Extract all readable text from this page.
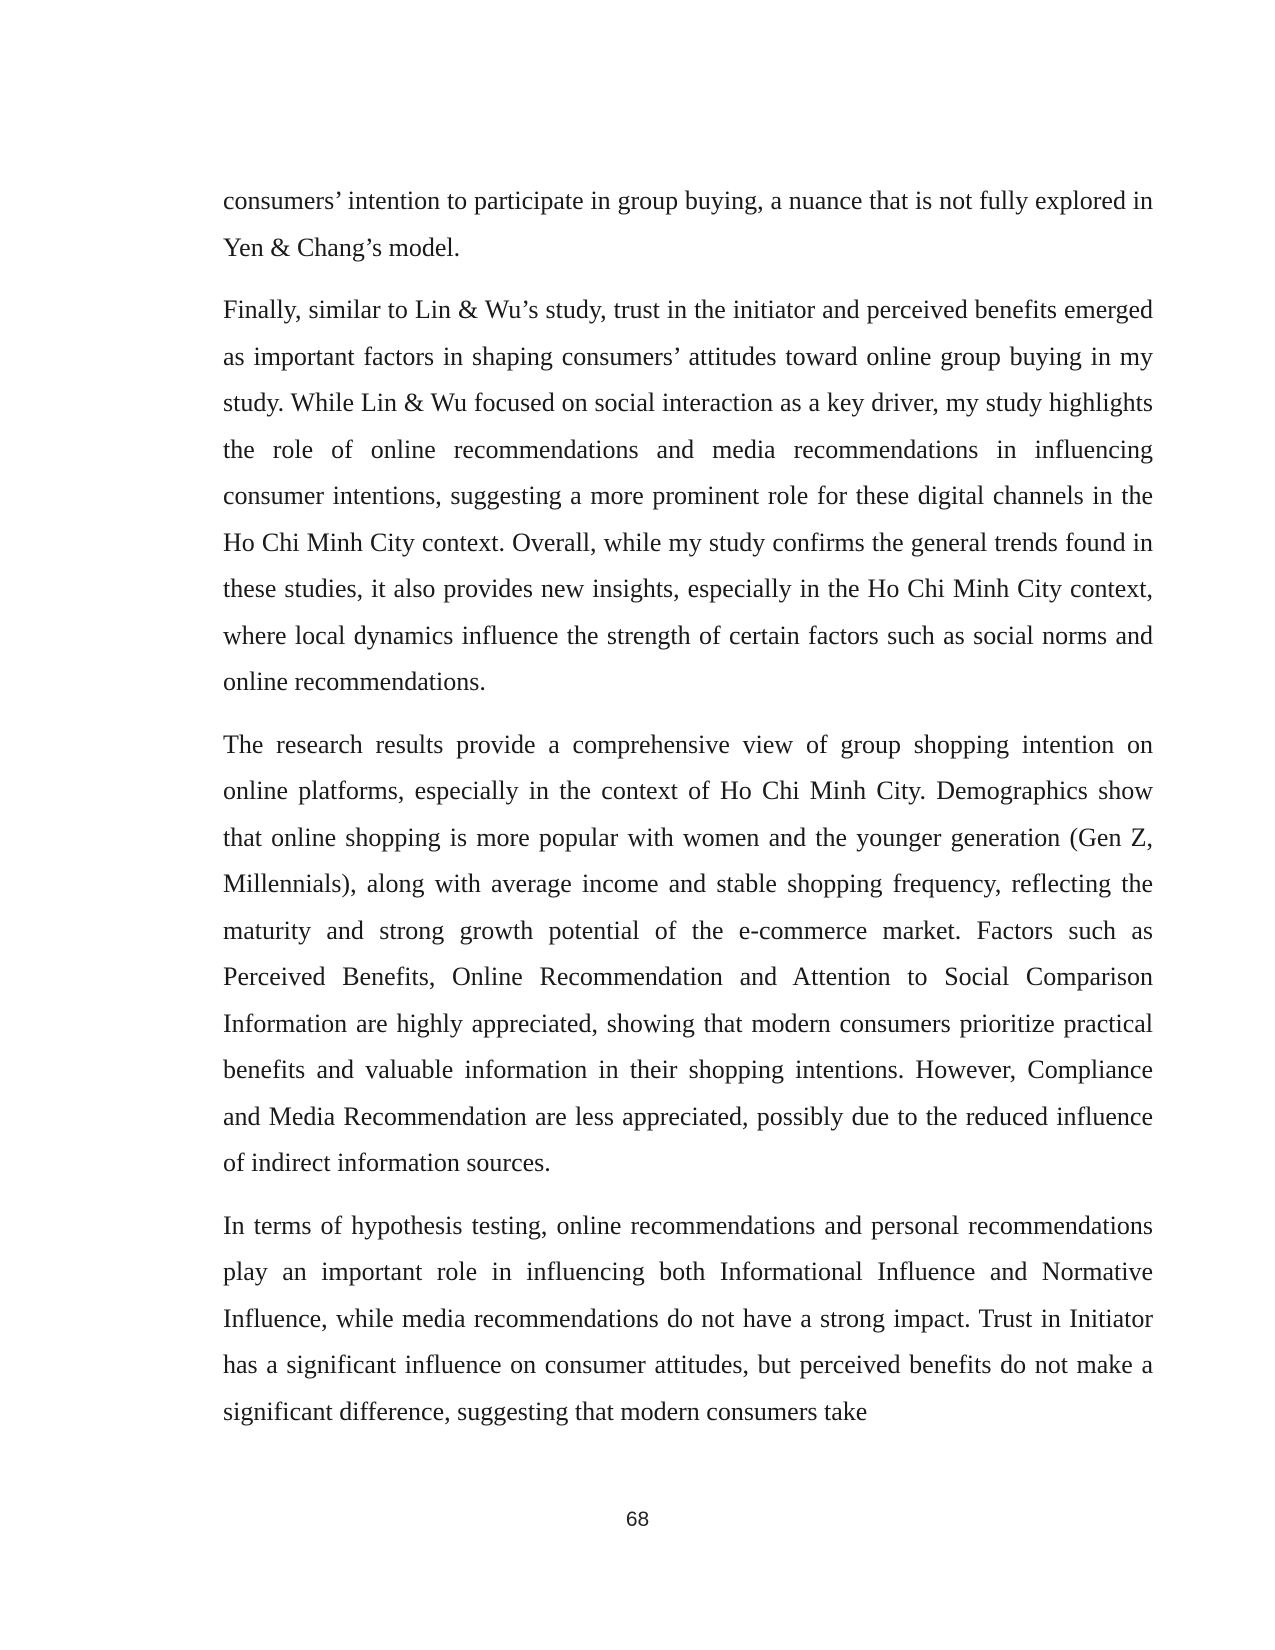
consumers’ intention to participate in group buying, a nuance that is not fully explored in Yen & Chang’s model.

Finally, similar to Lin & Wu’s study, trust in the initiator and perceived benefits emerged as important factors in shaping consumers’ attitudes toward online group buying in my study. While Lin & Wu focused on social interaction as a key driver, my study highlights the role of online recommendations and media recommendations in influencing consumer intentions, suggesting a more prominent role for these digital channels in the Ho Chi Minh City context. Overall, while my study confirms the general trends found in these studies, it also provides new insights, especially in the Ho Chi Minh City context, where local dynamics influence the strength of certain factors such as social norms and online recommendations.

The research results provide a comprehensive view of group shopping intention on online platforms, especially in the context of Ho Chi Minh City. Demographics show that online shopping is more popular with women and the younger generation (Gen Z, Millennials), along with average income and stable shopping frequency, reflecting the maturity and strong growth potential of the e-commerce market. Factors such as Perceived Benefits, Online Recommendation and Attention to Social Comparison Information are highly appreciated, showing that modern consumers prioritize practical benefits and valuable information in their shopping intentions. However, Compliance and Media Recommendation are less appreciated, possibly due to the reduced influence of indirect information sources.

In terms of hypothesis testing, online recommendations and personal recommendations play an important role in influencing both Informational Influence and Normative Influence, while media recommendations do not have a strong impact. Trust in Initiator has a significant influence on consumer attitudes, but perceived benefits do not make a significant difference, suggesting that modern consumers take

68
